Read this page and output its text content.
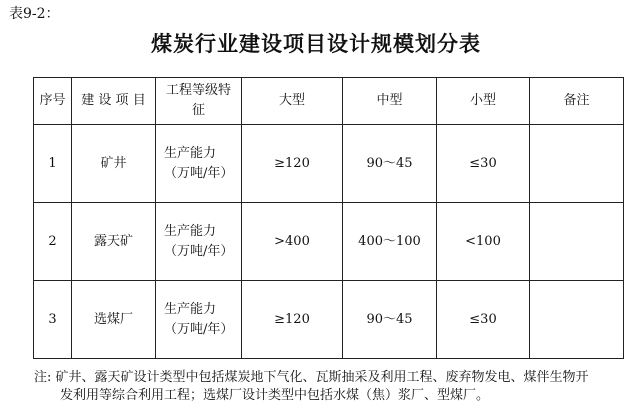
表9-2：
煤炭行业建设项目设计规模划分表
序号	建 设 项 目	工程等级特征	大型	中型	小型	备注
1	矿井	生产能力（万吨/年）	≥120	90～45	≤30	
2	露天矿	生产能力（万吨/年）	>400	400～100	<100	
3	选煤厂	生产能力（万吨/年）	≥120	90～45	≤30	
注: 矿井、露天矿设计类型中包括煤炭地下气化、瓦斯抽采及利用工程、废弃物发电、煤伴生物开
发利用等综合利用工程；选煤厂设计类型中包括水煤（焦）浆厂、型煤厂。
